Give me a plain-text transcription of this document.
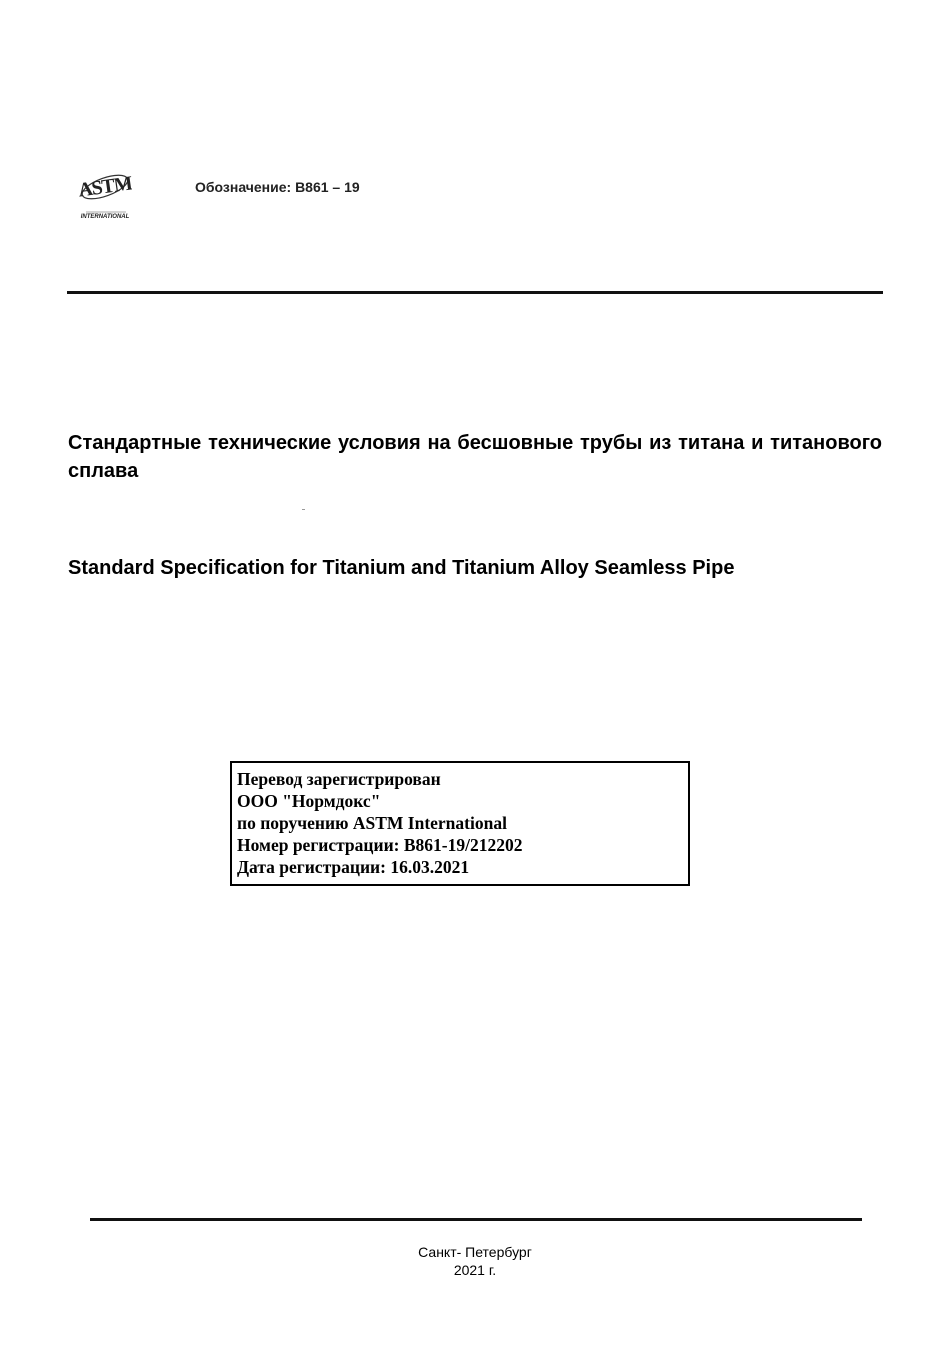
ASTM
INTERNATIONAL
Обозначение: B861 – 19
Стандартные технические условия на бесшовные трубы из титана и титанового сплава
Standard Specification for Titanium and Titanium Alloy Seamless Pipe
Перевод зарегистрирован
ООО "Нормдокс"
по поручению ASTM International
Номер регистрации: B861-19/212202
Дата регистрации: 16.03.2021
Санкт- Петербург
2021 г.
